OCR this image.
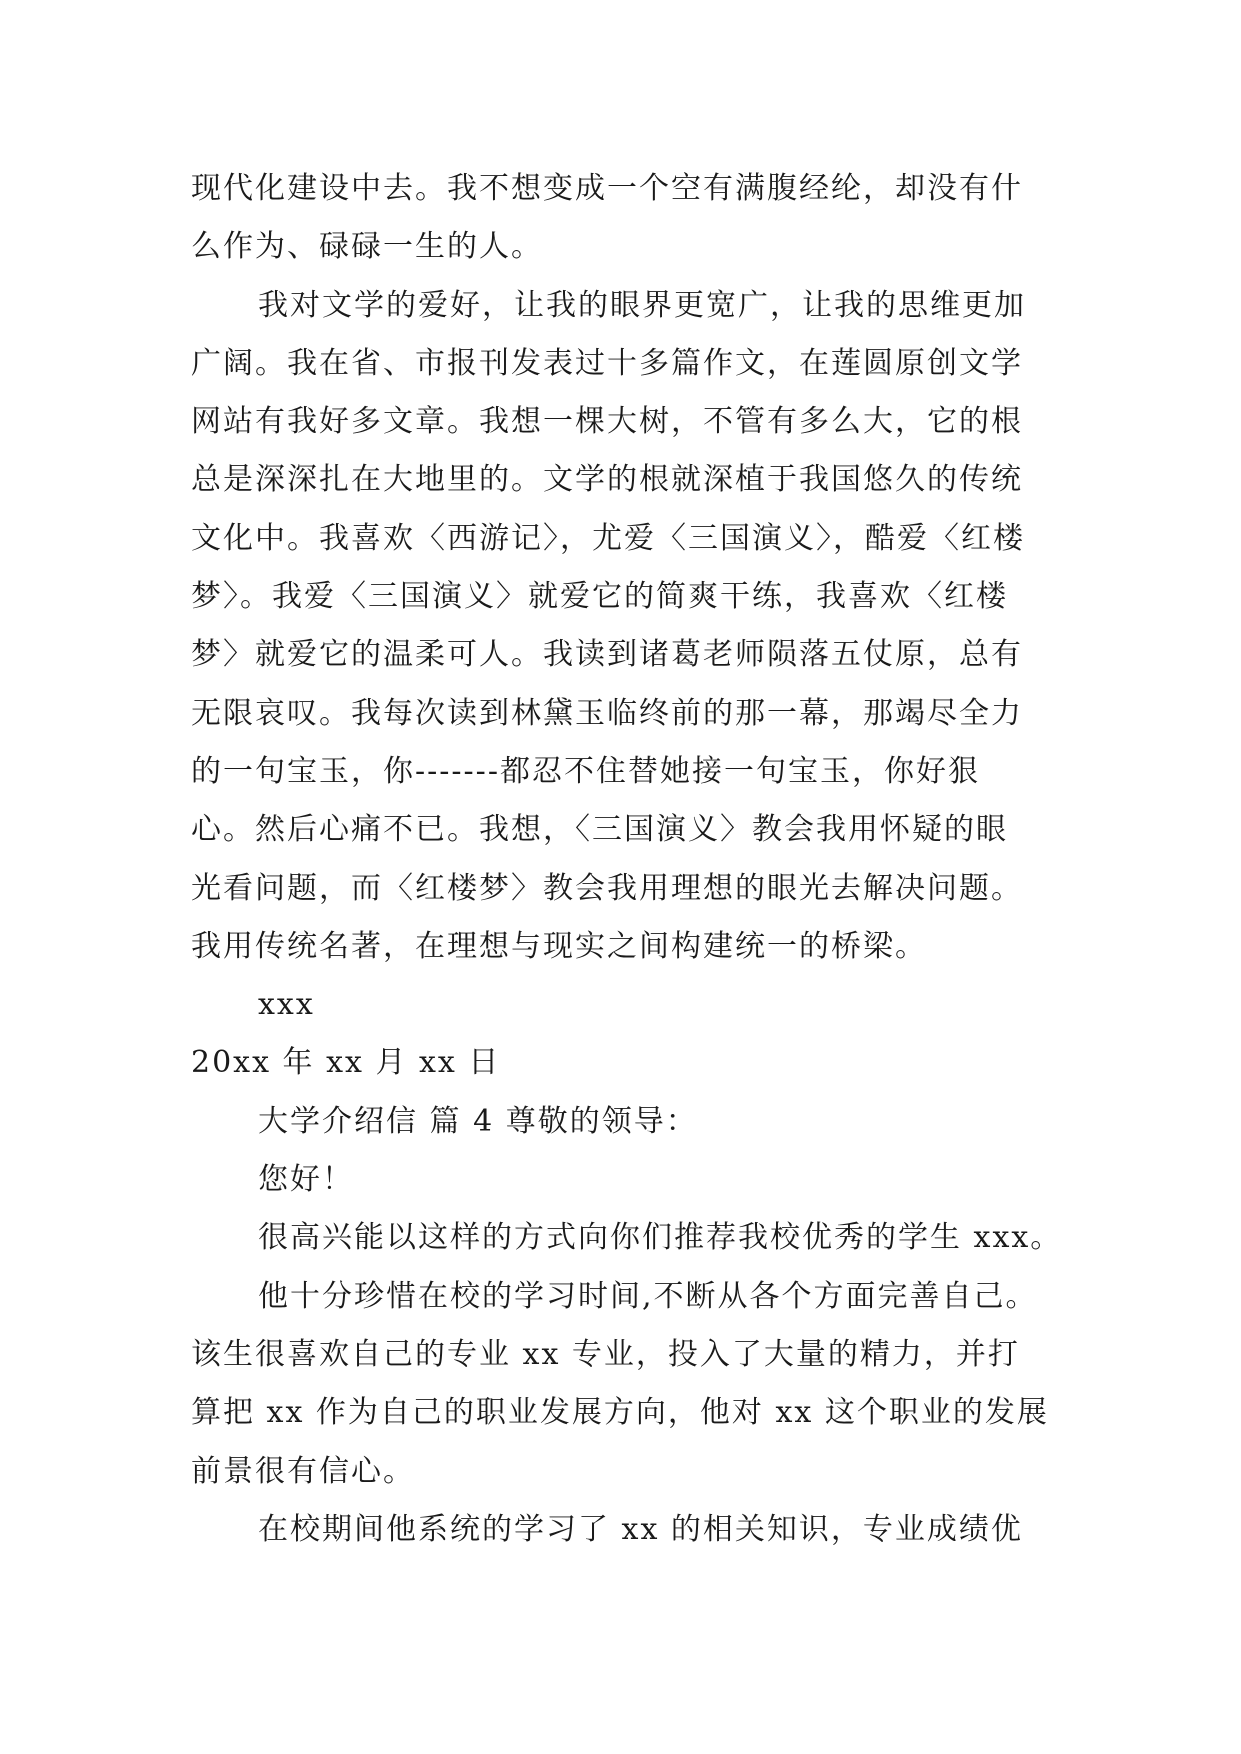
现代化建设中去。我不想变成一个空有满腹经纶，却没有什
么作为、碌碌一生的人。
我对文学的爱好，让我的眼界更宽广，让我的思维更加
广阔。我在省、市报刊发表过十多篇作文，在莲圆原创文学
网站有我好多文章。我想一棵大树，不管有多么大，它的根
总是深深扎在大地里的。文学的根就深植于我国悠久的传统
文化中。我喜欢〈西游记〉，尤爱〈三国演义〉，酷爱〈红楼
梦〉。我爱〈三国演义〉就爱它的简爽干练，我喜欢〈红楼
梦〉就爱它的温柔可人。我读到诸葛老师陨落五仗原，总有
无限哀叹。我每次读到林黛玉临终前的那一幕，那竭尽全力
的一句宝玉，你-------都忍不住替她接一句宝玉，你好狠
心。然后心痛不已。我想，〈三国演义〉教会我用怀疑的眼
光看问题，而〈红楼梦〉教会我用理想的眼光去解决问题。
我用传统名著，在理想与现实之间构建统一的桥梁。
xxx
20xx 年 xx 月 xx 日
大学介绍信 篇 4 尊敬的领导：
您好！
很高兴能以这样的方式向你们推荐我校优秀的学生 xxx。
他十分珍惜在校的学习时间,不断从各个方面完善自己。
该生很喜欢自己的专业 xx 专业，投入了大量的精力，并打
算把 xx 作为自己的职业发展方向，他对 xx 这个职业的发展
前景很有信心。
在校期间他系统的学习了 xx 的相关知识，专业成绩优
